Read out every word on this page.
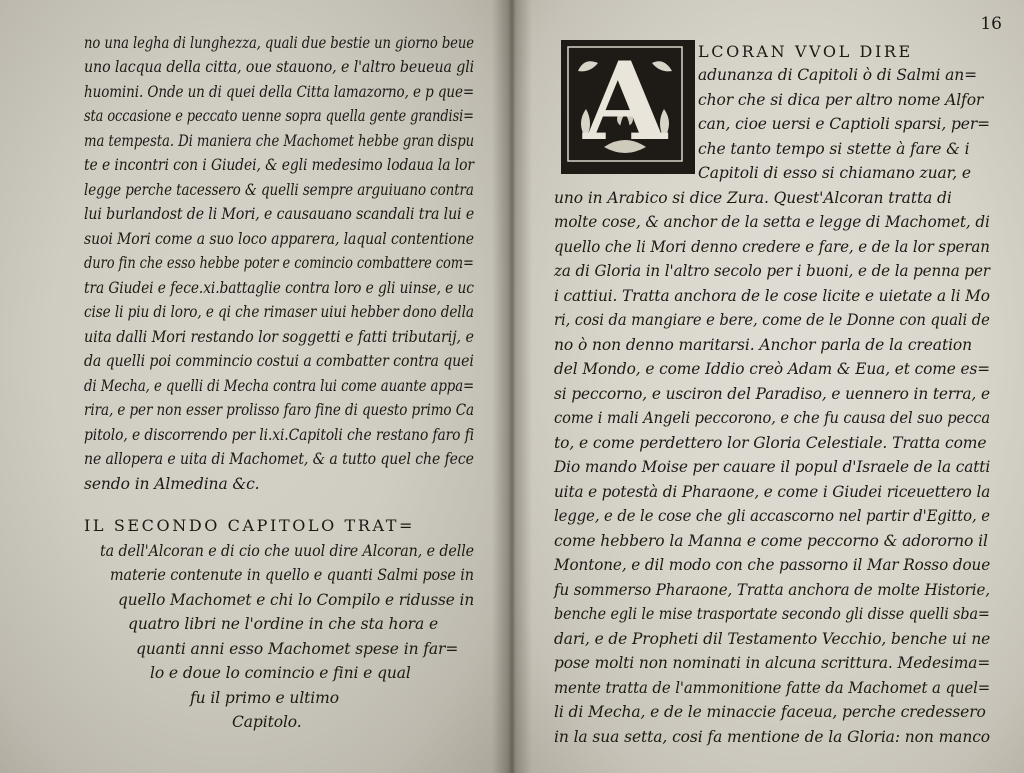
no una legha di lunghezza, quali due bestie un giorno beue
uno lacqua della citta, oue stauono, e l'altro beueua gli
huomini. Onde un di quei della Citta lamazorno, e p que=
sta occasione e peccato uenne sopra quella gente grandisi=
ma tempesta. Di maniera che Machomet hebbe gran dispu
te e incontri con i Giudei, & egli medesimo lodaua la lor
legge perche tacessero & quelli sempre arguiuano contra
lui burlandost de li Mori, e causauano scandali tra lui e
suoi Mori come a suo loco apparera, laqual contentione
duro fin che esso hebbe poter e comincio combattere com=
tra Giudei e fece.xi.battaglie contra loro e gli uinse, e uc
cise li piu di loro, e qi che rimaser uiui hebber dono della
uita dalli Mori restando lor soggetti e fatti tributarij, e
da quelli poi commincio costui a combatter contra quei
di Mecha, e quelli di Mecha contra lui come auante appa=
rira, e per non esser prolisso faro fine di questo primo Ca
pitolo, e discorrendo per li.xi.Capitoli che restano faro fi
ne allopera e uita di Machomet, & a tutto quel che fece
sendo in Almedina &c.
IL SECONDO CAPITOLO TRAT=
ta dell'Alcoran e di cio che uuol dire Alcoran, e delle
materie contenute in quello e quanti Salmi pose in
quello Machomet e chi lo Compilo e ridusse in
quatro libri ne l'ordine in che sta hora e
quanti anni esso Machomet spese in far=
lo e doue lo comincio e fini e qual
fu il primo e ultimo
Capitolo.
16
A	LCORAN VVOL DIRE
adunanza di Capitoli ò di Salmi an=
chor che si dica per altro nome Alfor
can, cioe uersi e Captioli sparsi, per=
che tanto tempo si stette à fare & i
Capitoli di esso si chiamano zuar, e
uno in Arabico si dice Zura. Quest'Alcoran tratta di
molte cose, & anchor de la setta e legge di Machomet, di
quello che li Mori denno credere e fare, e de la lor speran
za di Gloria in l'altro secolo per i buoni, e de la penna per
i cattiui. Tratta anchora de le cose licite e uietate a li Mo
ri, cosi da mangiare e bere, come de le Donne con quali de
no ò non denno maritarsi. Anchor parla de la creation
del Mondo, e come Iddio creò Adam & Eua, et come es=
si peccorno, e usciron del Paradiso, e uennero in terra, e
come i mali Angeli peccorono, e che fu causa del suo pecca
to, e come perdettero lor Gloria Celestiale. Tratta come
Dio mando Moise per cauare il popul d'Israele de la catti
uita e potestà di Pharaone, e come i Giudei riceuettero la
legge, e de le cose che gli accascorno nel partir d'Egitto, e
come hebbero la Manna e come peccorno & adororno il
Montone, e dil modo con che passorno il Mar Rosso doue
fu sommerso Pharaone, Tratta anchora de molte Historie,
benche egli le mise trasportate secondo gli disse quelli sba=
dari, e de Propheti dil Testamento Vecchio, benche ui ne
pose molti non nominati in alcuna scrittura. Medesima=
mente tratta de l'ammonitione fatte da Machomet a quel=
li di Mecha, e de le minaccie faceua, perche credessero
in la sua setta, cosi fa mentione de la Gloria: non manco
